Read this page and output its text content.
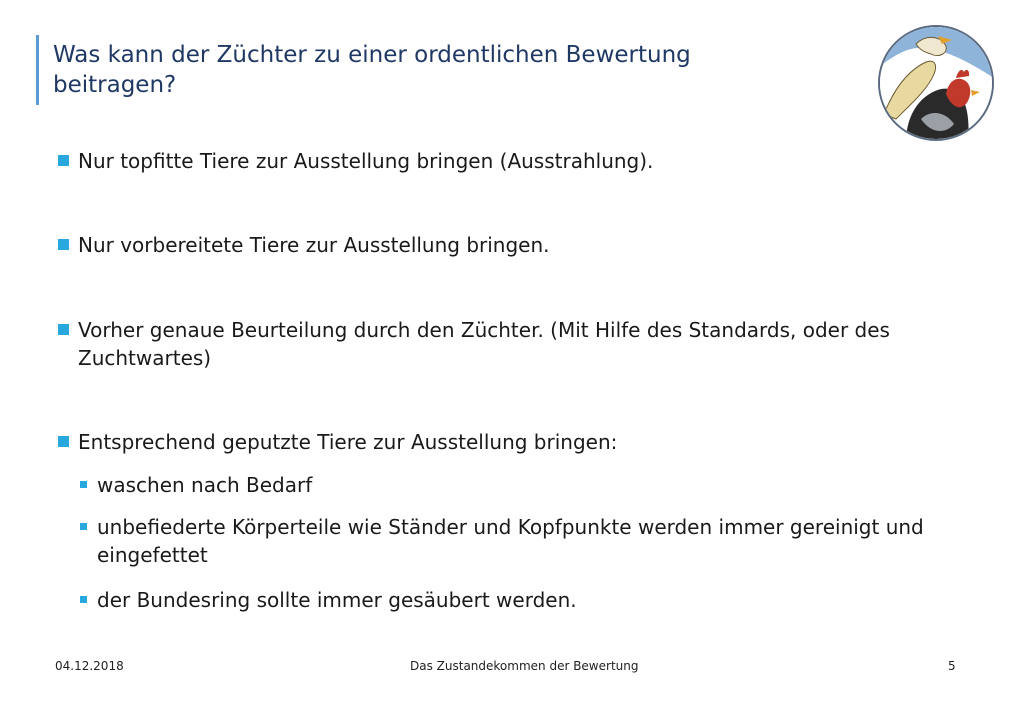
Was kann der Züchter zu einer ordentlichen Bewertung beitragen?
Nur topfitte Tiere zur Ausstellung bringen (Ausstrahlung).
Nur vorbereitete Tiere zur Ausstellung bringen.
Vorher genaue Beurteilung durch den Züchter. (Mit Hilfe des Standards, oder des Zuchtwartes)
Entsprechend geputzte Tiere zur Ausstellung bringen:
waschen nach Bedarf
unbefiederte Körperteile wie Ständer und Kopfpunkte werden immer gereinigt und eingefettet
der Bundesring sollte immer gesäubert werden.
04.12.2018	Das Zustandekommen der Bewertung	5
